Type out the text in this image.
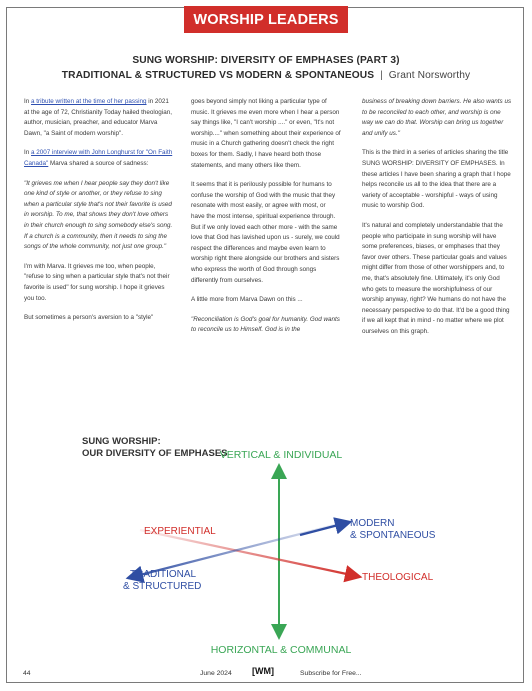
WORSHIP LEADERS
SUNG WORSHIP: DIVERSITY OF EMPHASES (PART 3)
TRADITIONAL & STRUCTURED VS MODERN & SPONTANEOUS | Grant Norsworthy

In a tribute written at the time of her passing in 2021 at the age of 72, Christianity Today hailed theologian, author, musician, preacher, and educator Marva Dawn, "a Saint of modern worship".

In a 2007 interview with John Longhurst for "On Faith Canada" Marva shared a source of sadness:

"It grieves me when I hear people say they don't like one kind of style or another, or they refuse to sing when a particular style that's not their favorite is used in worship. To me, that shows they don't love others in their church enough to sing somebody else's song. If a church is a community, then it needs to sing the songs of the whole community, not just one group."

I'm with Marva. It grieves me too, when people, "refuse to sing when a particular style that's not their favorite is used" for sung worship. I hope it grieves you too.

But sometimes a person's aversion to a "style"

goes beyond simply not liking a particular type of music. It grieves me even more when I hear a person say things like, "I can't worship ...." or even, "It's not worship...." when something about their experience of music in a Church gathering doesn't check the right boxes for them. Sadly, I have heard both those statements, and many others like them.

It seems that it is perilously possible for humans to confuse the worship of God with the music that they resonate with most easily, or agree with most, or have the most intense, spiritual experience through. But if we only loved each other more - with the same love that God has lavished upon us - surely, we could respect the differences and maybe even learn to worship right there alongside our brothers and sisters who express the worth of God through songs differently from ourselves.

A little more from Marva Dawn on this ...

"Reconciliation is God's goal for humanity. God wants to reconcile us to Himself. God is in the

business of breaking down barriers. He also wants us to be reconciled to each other, and worship is one way we can do that. Worship can bring us together and unify us."

This is the third in a series of articles sharing the title SUNG WORSHIP: DIVERSITY OF EMPHASES. In these articles I have been sharing a graph that I hope helps reconcile us all to the idea that there are a variety of acceptable - worshipful - ways of using music to worship God.

It's natural and completely understandable that the people who participate in sung worship will have some preferences, biases, or emphases that they favor over others. These particular goals and values might differ from those of other worshippers and, to me, that's absolutely fine. Ultimately, it's only God who gets to measure the worshipfulness of our worship anyway, right? We humans do not have the necessary perspective to do that. It'd be a good thing if we all kept that in mind - no matter where we plot ourselves on this graph.

SUNG WORSHIP:
OUR DIVERSITY OF EMPHASES
VERTICAL & INDIVIDUAL
HORIZONTAL & COMMUNAL
EXPERIENTIAL
THEOLOGICAL
MODERN
& SPONTANEOUS
TRADITIONAL
& STRUCTURED
44	June 2024 [WM]	Subscribe for Free...
